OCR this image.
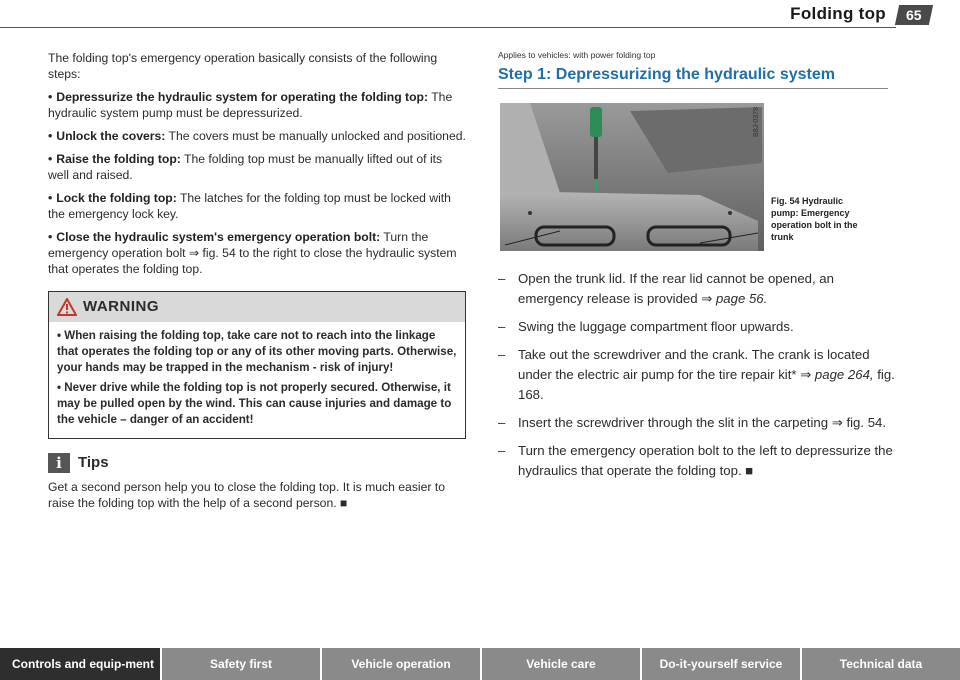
Folding top	65

The folding top's emergency operation basically consists of the following steps:

• Depressurize the hydraulic system for operating the folding top: The hydraulic system pump must be depressurized.
• Unlock the covers: The covers must be manually unlocked and positioned.
• Raise the folding top: The folding top must be manually lifted out of its well and raised.
• Lock the folding top: The latches for the folding top must be locked with the emergency lock key.
• Close the hydraulic system's emergency operation bolt: Turn the emergency operation bolt ⇒ fig. 54 to the right to close the hydraulic system that operates the folding top.
WARNING

• When raising the folding top, take care not to reach into the linkage that operates the folding top or any of its other moving parts. Otherwise, your hands may be trapped in the mechanism - risk of injury!

• Never drive while the folding top is not properly secured. Otherwise, it may be pulled open by the wind. This can cause injuries and damage to the vehicle – danger of an accident!

i	Tips
Get a second person help you to close the folding top. It is much easier to raise the folding top with the help of a second person. ■
Applies to vehicles: with power folding top
Step 1: Depressurizing the hydraulic system
B8J-0378
Fig. 54 Hydraulic pump: Emergency operation bolt in the trunk
– Open the trunk lid. If the rear lid cannot be opened, an emergency release is provided ⇒ page 56.
– Swing the luggage compartment floor upwards.
– Take out the screwdriver and the crank. The crank is located under the electric air pump for the tire repair kit* ⇒ page 264, fig. 168.
– Insert the screwdriver through the slit in the carpeting ⇒ fig. 54.
– Turn the emergency operation bolt to the left to depressurize the hydraulics that operate the folding top. ■
Controls and equip-ment	Safety first	Vehicle operation	Vehicle care	Do-it-yourself service	Technical data
